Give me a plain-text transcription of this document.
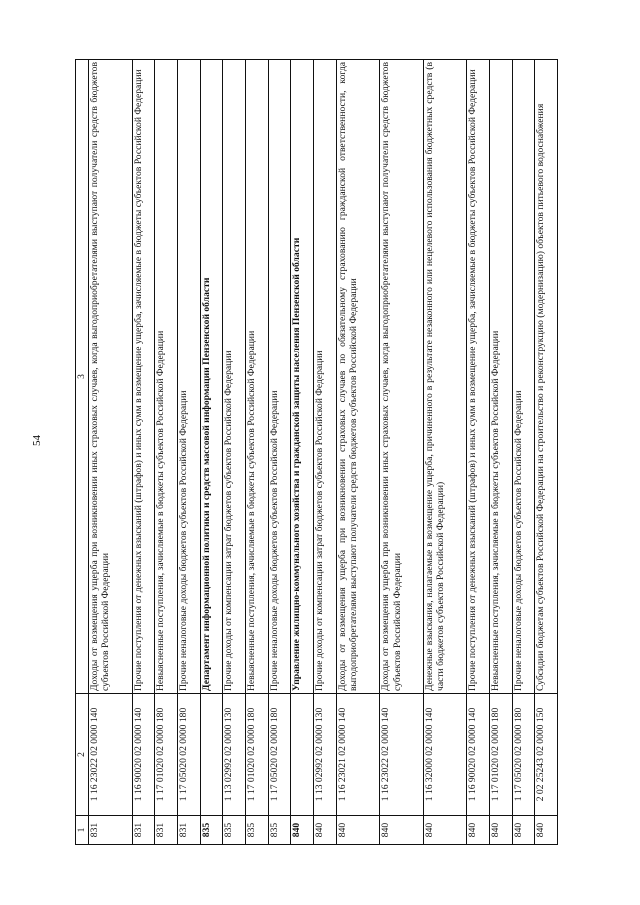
54
1	2	3
831	1 16 23022 02 0000 140	Доходы от возмещения ущерба при возникновении иных страховых случаев, когда выгодоприобретателями выступают получатели средств бюджетов субъектов Российской Федерации
831	1 16 90020 02 0000 140	Прочие поступления от денежных взысканий (штрафов) и иных сумм в возмещение ущерба, зачисляемые в бюджеты субъектов Российской Федерации
831	1 17 01020 02 0000 180	Невыясненные поступления, зачисляемые в бюджеты субъектов Российской Федерации
831	1 17 05020 02 0000 180	Прочие неналоговые доходы бюджетов субъектов Российской Федерации
835		Департамент информационной политики и средств массовой информации Пензенской области
835	1 13 02992 02 0000 130	Прочие доходы от компенсации затрат бюджетов субъектов Российской Федерации
835	1 17 01020 02 0000 180	Невыясненные поступления, зачисляемые в бюджеты субъектов Российской Федерации
835	1 17 05020 02 0000 180	Прочие неналоговые доходы бюджетов субъектов Российской Федерации
840		Управление жилищно-коммунального хозяйства и гражданской защиты населения Пензенской области
840	1 13 02992 02 0000 130	Прочие доходы от компенсации затрат бюджетов субъектов Российской Федерации
840	1 16 23021 02 0000 140	Доходы от возмещения ущерба при возникновении страховых случаев по обязательному страхованию гражданской ответственности, когда выгодоприобретателями выступают получатели средств бюджетов субъектов Российской Федерации
840	1 16 23022 02 0000 140	Доходы от возмещения ущерба при возникновении иных страховых случаев, когда выгодоприобретателями выступают получатели средств бюджетов субъектов Российской Федерации
840	1 16 32000 02 0000 140	Денежные взыскания, налагаемые в возмещение ущерба, причиненного в результате незаконного или нецелевого использования бюджетных средств (в части бюджетов субъектов Российской Федерации)
840	1 16 90020 02 0000 140	Прочие поступления от денежных взысканий (штрафов) и иных сумм в возмещение ущерба, зачисляемые в бюджеты субъектов Российской Федерации
840	1 17 01020 02 0000 180	Невыясненные поступления, зачисляемые в бюджеты субъектов Российской Федерации
840	1 17 05020 02 0000 180	Прочие неналоговые доходы бюджетов субъектов Российской Федерации
840	2 02 25243 02 0000 150	Субсидии бюджетам субъектов Российской Федерации на строительство и реконструкцию (модернизацию) объектов питьевого водоснабжения
